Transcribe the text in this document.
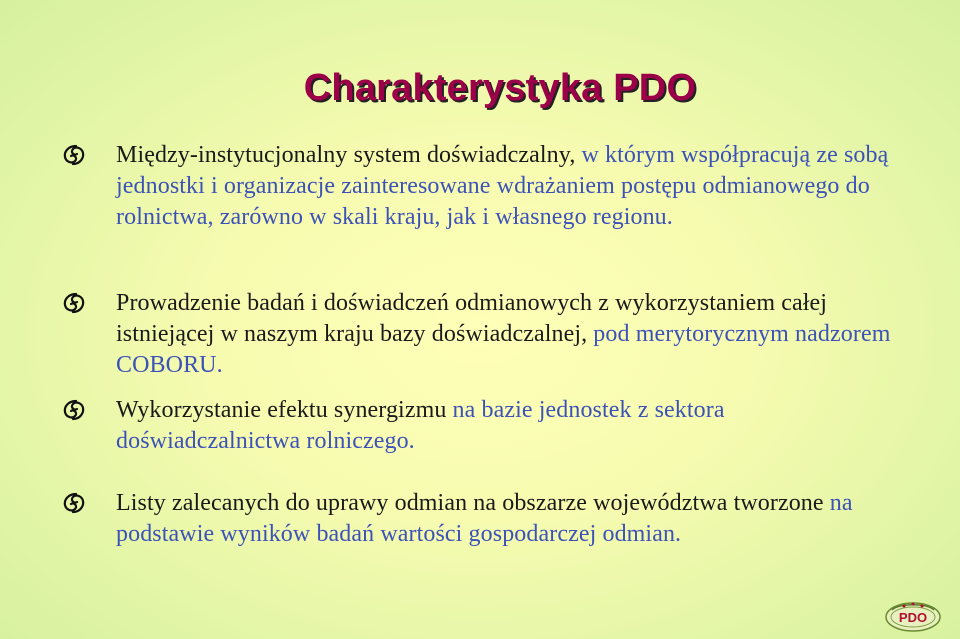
Charakterystyka PDO
Między-instytucjonalny system doświadczalny, w którym współpracują ze sobą jednostki i organizacje zainteresowane wdrażaniem postępu odmianowego do rolnictwa, zarówno w skali kraju, jak i własnego regionu.
Prowadzenie badań i doświadczeń odmianowych z wykorzystaniem całej istniejącej w naszym kraju bazy doświadczalnej, pod merytorycznym nadzorem COBORU.
Wykorzystanie efektu synergizmu na bazie jednostek z sektora doświadczalnictwa rolniczego.
Listy zalecanych do uprawy odmian na obszarze województwa tworzone na podstawie wyników badań wartości gospodarczej odmian.
PDO
